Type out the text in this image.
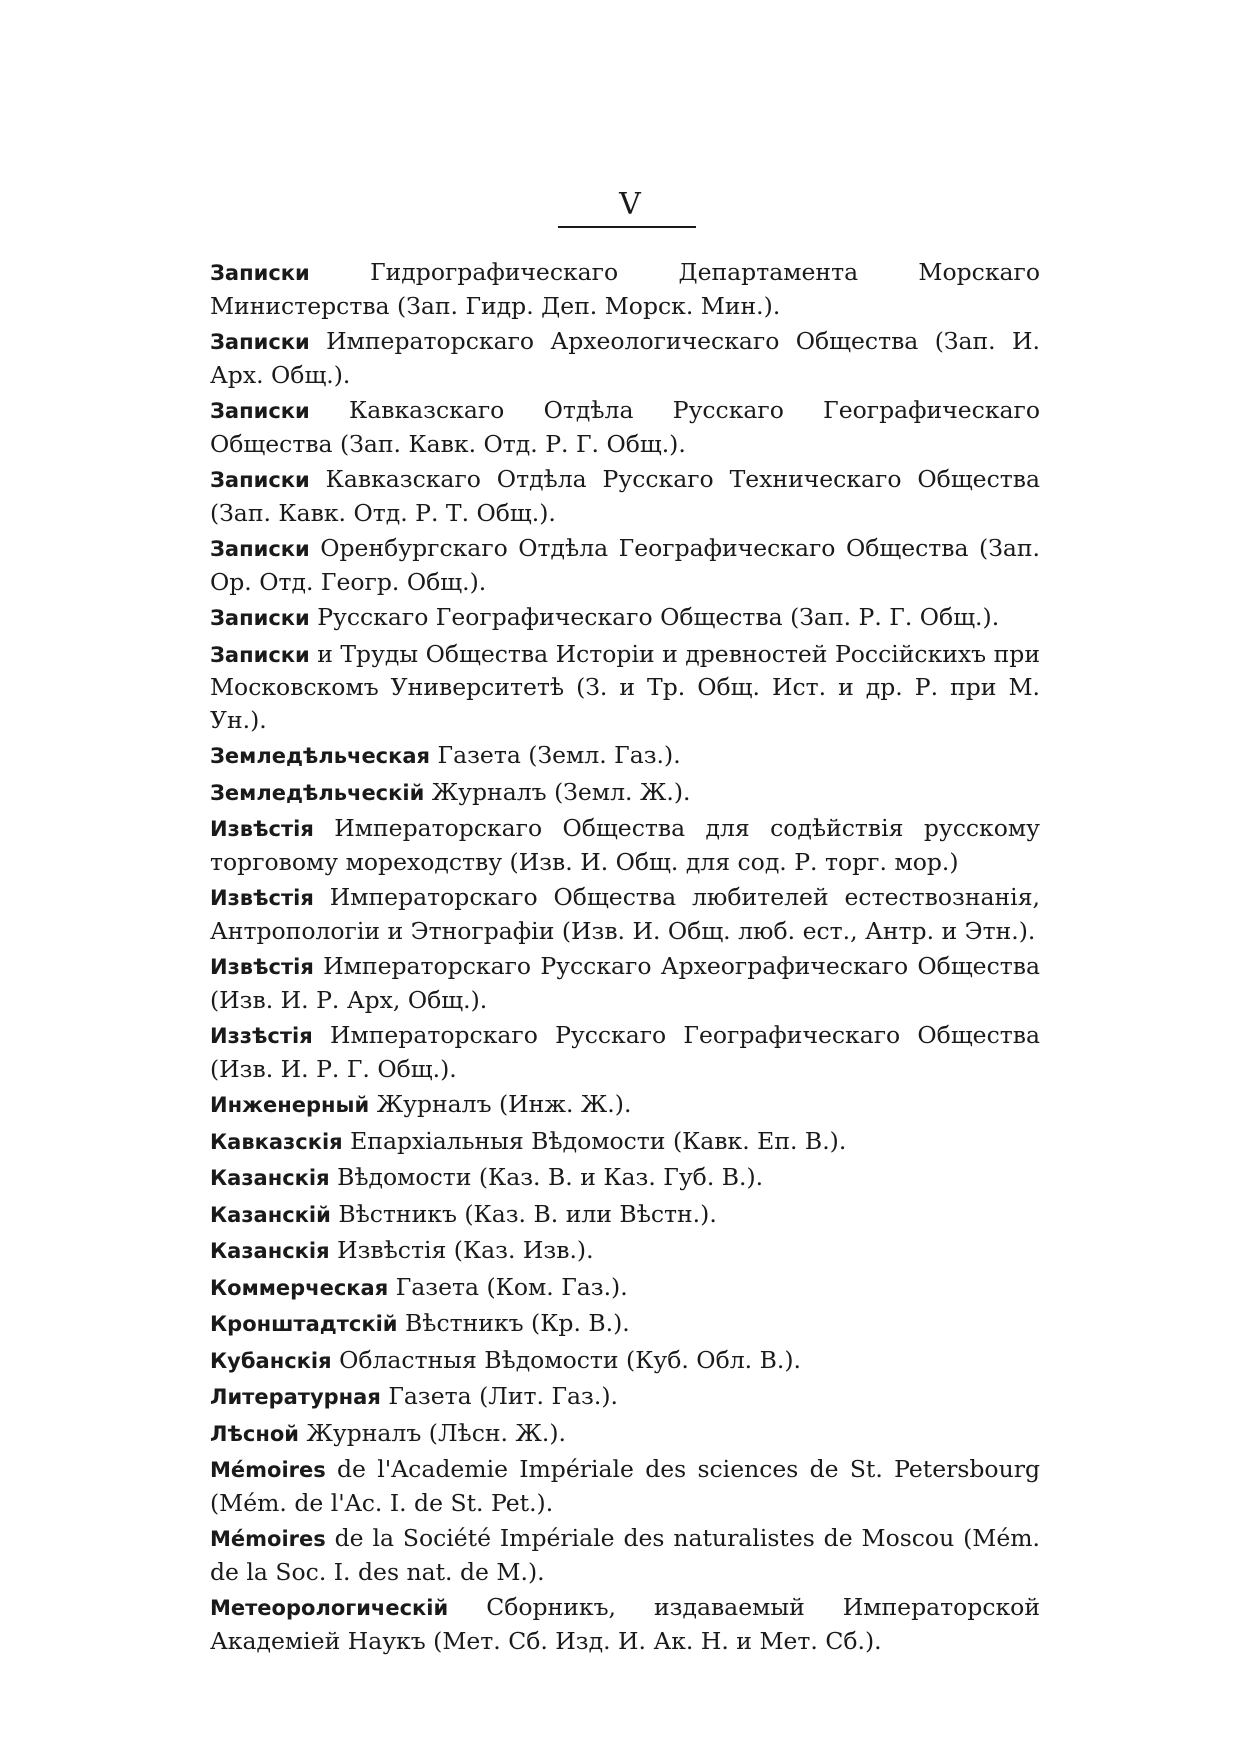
V
Записки	Гидрографическаго Департамента Морскаго Министерства (Зап. Гидр. Деп. Морск. Мин.).
Записки Императорскаго Археологическаго Общества (Зап. И. Арх. Общ.).
Записки Кавказскаго Отдѣла Русскаго Географическаго Общества (Зап. Кавк. Отд. Р. Г. Общ.).
Записки Кавказскаго Отдѣла Русскаго Техническаго Общества (Зап. Кавк. Отд. Р. Т. Общ.).
Записки Оренбургскаго Отдѣла Географическаго Общества (Зап. Ор. Отд. Геогр. Общ.).
Записки Русскаго Географическаго Общества (Зап. Р. Г. Общ.).
Записки и Труды Общества Исторіи и древностей Россійскихъ при Московскомъ Университетѣ (З. и Тр. Общ. Ист. и др. Р. при М. Ун.).
Земледѣльческая Газета (Земл. Газ.).
Земледѣльческій Журналъ (Земл. Ж.).
Извѣстія Императорскаго Общества для содѣйствія русскому торговому мореходству (Изв. И. Общ. для сод. Р. торг. мор.)
Извѣстія Императорскаго Общества любителей естествознанія, Антропологіи и Этнографіи (Изв. И. Общ. люб. ест., Антр. и Этн.).
Извѣстія Императорскаго Русскаго Археографическаго Общества (Изв. И. Р. Арх, Общ.).
Иззѣстія Императорскаго Русскаго Географическаго Общества (Изв. И. Р. Г. Общ.).
Инженерный Журналъ (Инж. Ж.).
Кавказскія Епархіальныя Вѣдомости (Кавк. Еп. В.).
Казанскія Вѣдомости (Каз. В. и Каз. Губ. В.).
Казанскій Вѣстникъ (Каз. В. или Вѣстн.).
Казанскія Извѣстія (Каз. Изв.).
Коммерческая Газета (Ком. Газ.).
Кронштадтскій Вѣстникъ (Кр. В.).
Кубанскія Областныя Вѣдомости (Куб. Обл. В.).
Литературная Газета (Лит. Газ.).
Лѣсной Журналъ (Лѣсн. Ж.).
Mémoires de l'Academie Impériale des sciences de St. Petersbourg (Mém. de l'Ac. I. de St. Pet.).
Mémoires de la Société Impériale des naturalistes de Moscou (Mém. de la Soc. I. des nat. de M.).
Метеорологическій Сборникъ, издаваемый Императорской Академіей Наукъ (Мет. Сб. Изд. И. Ак. Н. и Мет. Сб.).
